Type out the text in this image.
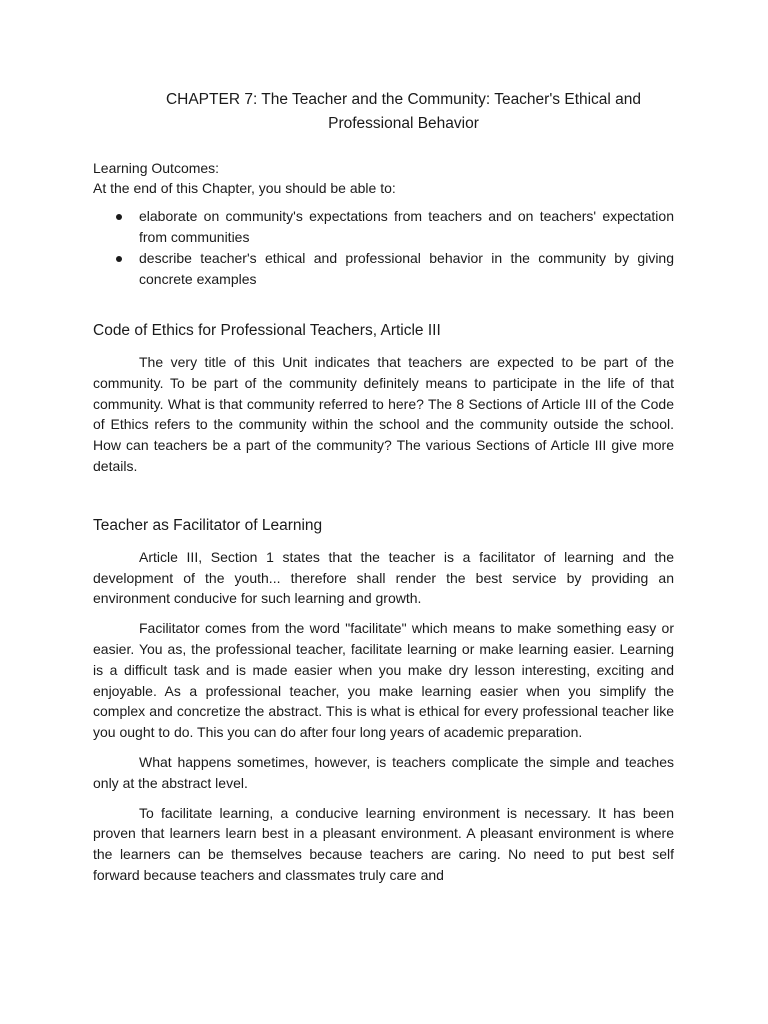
CHAPTER 7: The Teacher and the Community: Teacher's Ethical and Professional Behavior

Learning Outcomes:

At the end of this Chapter, you should be able to:

elaborate on community's expectations from teachers and on teachers' expectation from communities
describe teacher's ethical and professional behavior in the community by giving concrete examples
Code of Ethics for Professional Teachers, Article III

The very title of this Unit indicates that teachers are expected to be part of the community. To be part of the community definitely means to participate in the life of that community. What is that community referred to here? The 8 Sections of Article III of the Code of Ethics refers to the community within the school and the community outside the school. How can teachers be a part of the community? The various Sections of Article III give more details.

Teacher as Facilitator of Learning

Article III, Section 1 states that the teacher is a facilitator of learning and the development of the youth... therefore shall render the best service by providing an environment conducive for such learning and growth.

Facilitator comes from the word "facilitate" which means to make something easy or easier. You as, the professional teacher, facilitate learning or make learning easier. Learning is a difficult task and is made easier when you make dry lesson interesting, exciting and enjoyable. As a professional teacher, you make learning easier when you simplify the complex and concretize the abstract. This is what is ethical for every professional teacher like you ought to do. This you can do after four long years of academic preparation.

What happens sometimes, however, is teachers complicate the simple and teaches only at the abstract level.

To facilitate learning, a conducive learning environment is necessary. It has been proven that learners learn best in a pleasant environment. A pleasant environment is where the learners can be themselves because teachers are caring. No need to put best self forward because teachers and classmates truly care and
